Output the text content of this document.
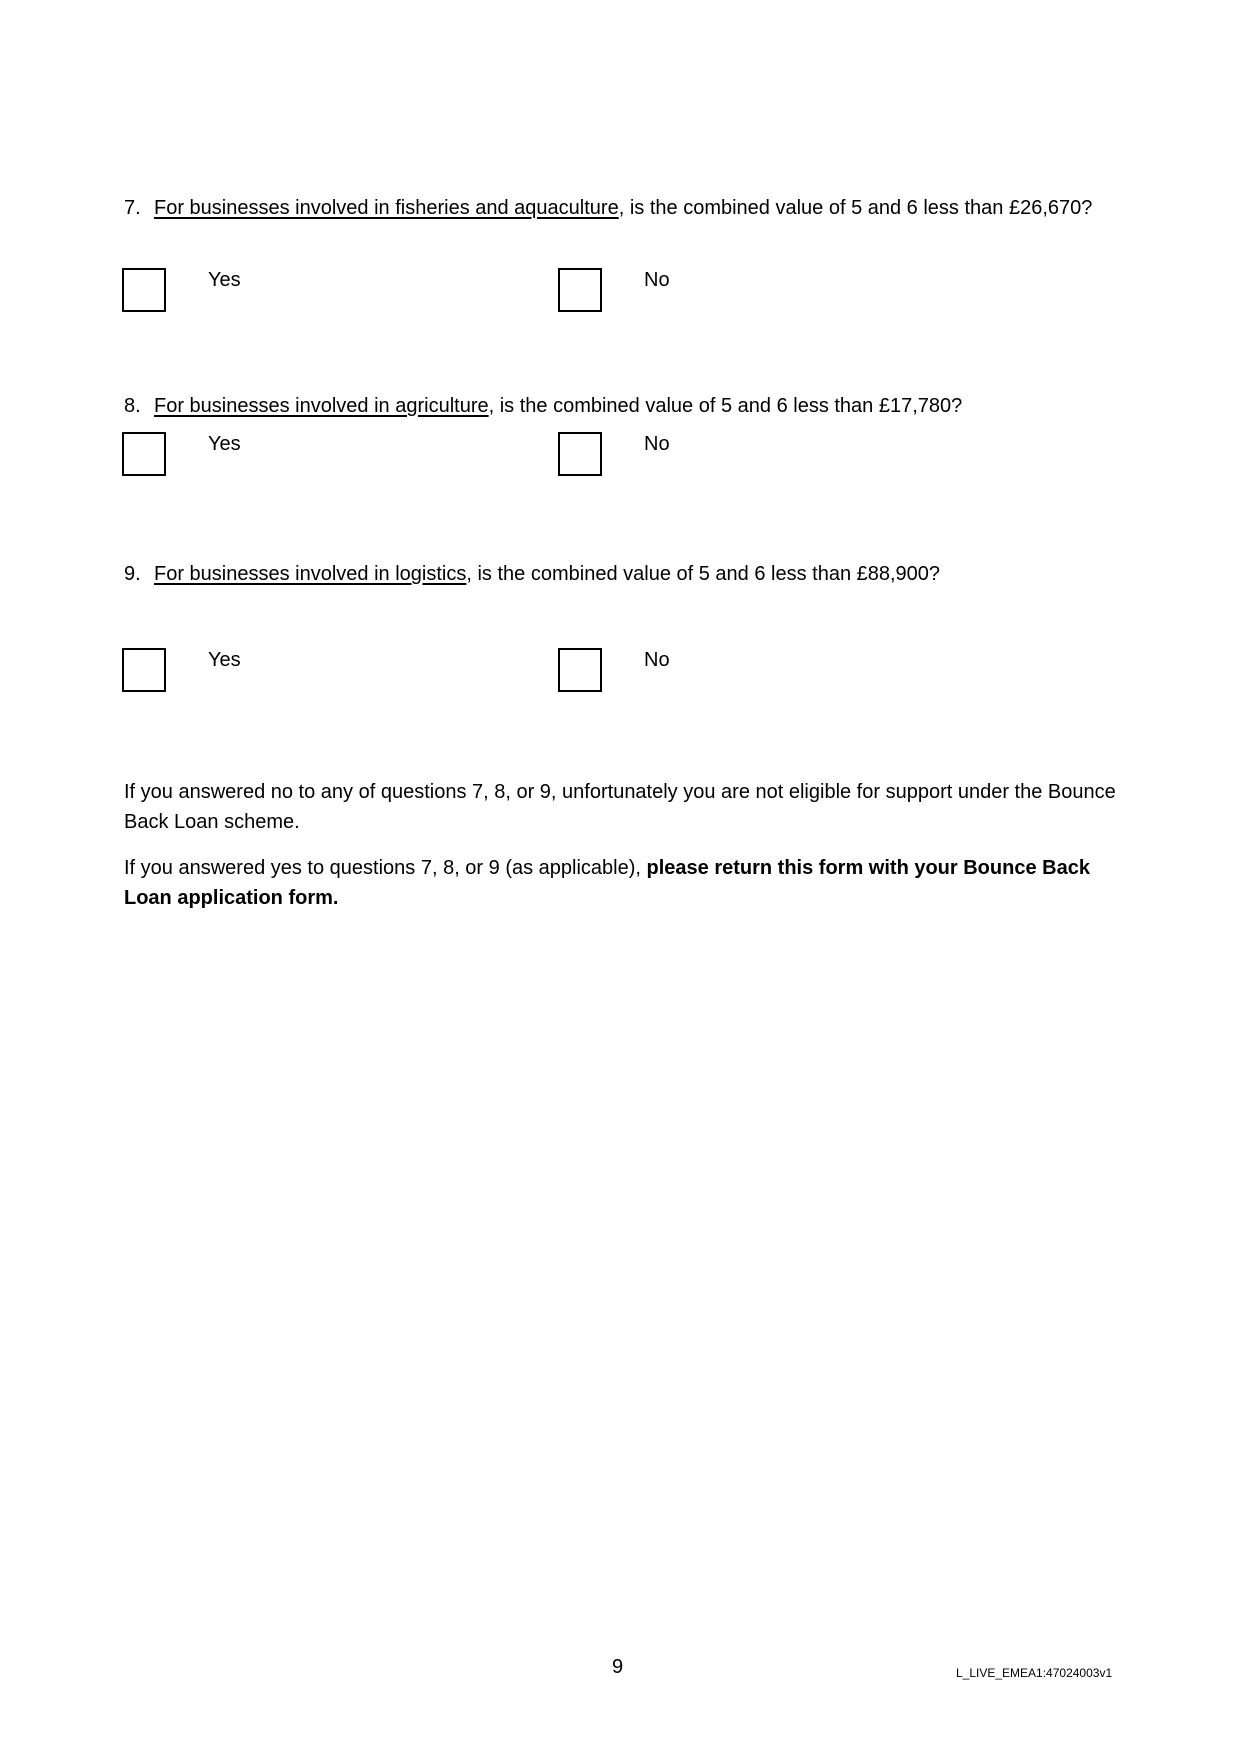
7. For businesses involved in fisheries and aquaculture, is the combined value of 5 and 6 less than £26,670?

Yes	No
8. For businesses involved in agriculture, is the combined value of 5 and 6 less than £17,780?

Yes	No
9. For businesses involved in logistics, is the combined value of 5 and 6 less than £88,900?

Yes	No

If you answered no to any of questions 7, 8, or 9, unfortunately you are not eligible for support under the Bounce Back Loan scheme.

If you answered yes to questions 7, 8, or 9 (as applicable), please return this form with your Bounce Back Loan application form.

9	L_LIVE_EMEA1:47024003v1
